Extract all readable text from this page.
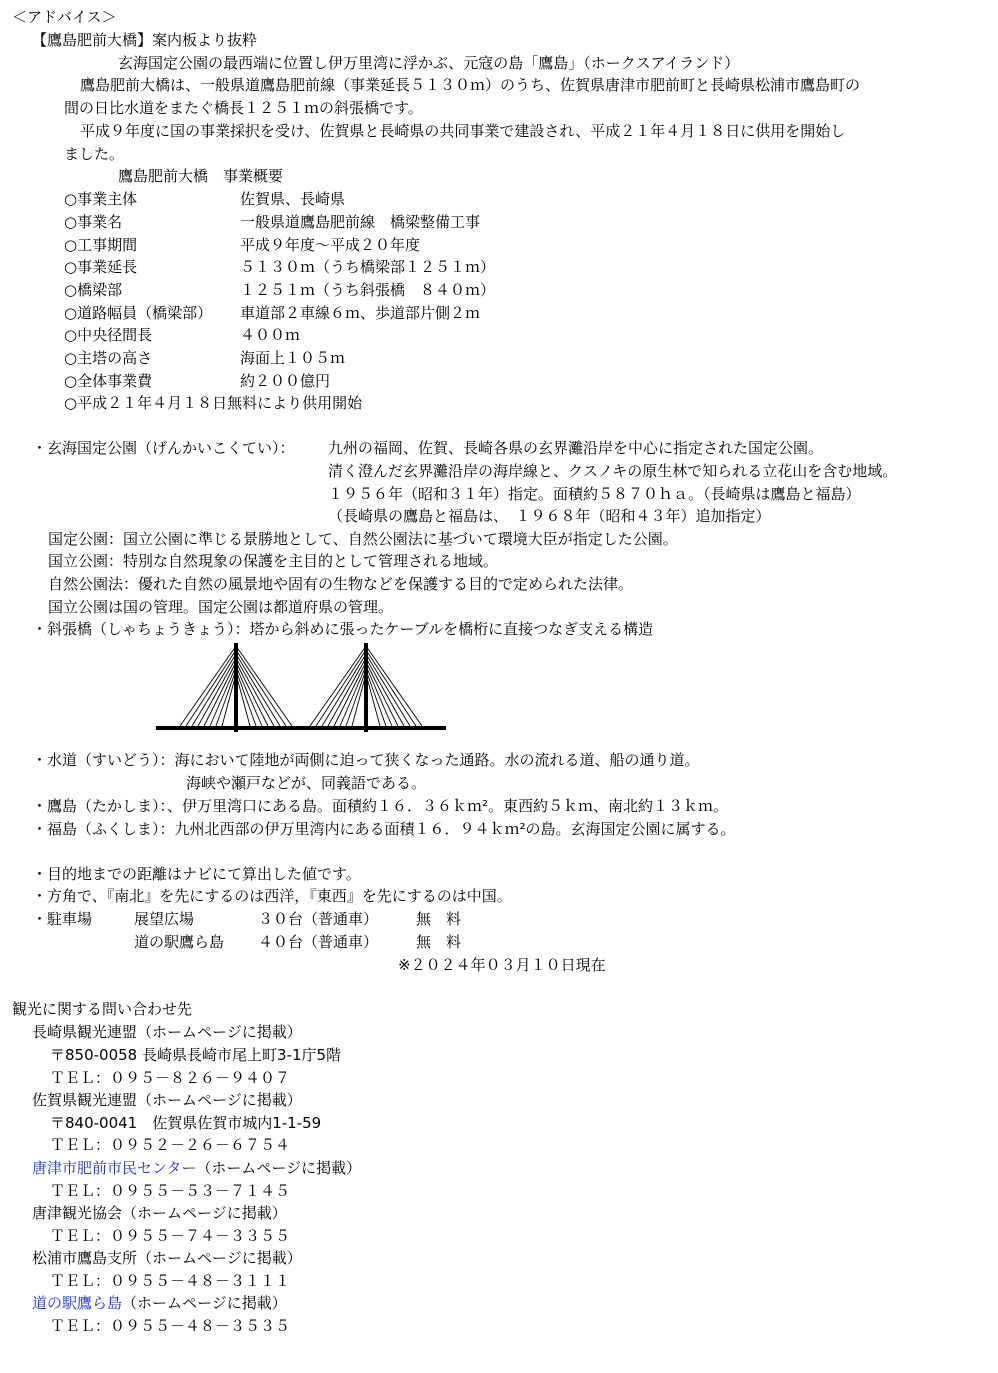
＜アドバイス＞
【鷹島肥前大橋】案内板より抜粋
玄海国定公園の最西端に位置し伊万里湾に浮かぶ、元寇の島「鷹島」（ホークスアイランド）
鷹島肥前大橋は、一般県道鷹島肥前線（事業延長５１３０ｍ）のうち、佐賀県唐津市肥前町と長崎県松浦市鷹島町の
間の日比水道をまたぐ橋長１２５１ｍの斜張橋です。
平成９年度に国の事業採択を受け、佐賀県と長崎県の共同事業で建設され、平成２１年４月１８日に供用を開始し
ました。
鷹島肥前大橋　事業概要
○事業主体	佐賀県、長崎県
○事業名	一般県道鷹島肥前線　橋梁整備工事
○工事期間	平成９年度～平成２０年度
○事業延長	５１３０ｍ（うち橋梁部１２５１ｍ）
○橋梁部	１２５１ｍ（うち斜張橋　８４０ｍ）
○道路幅員（橋梁部） 車道部２車線６ｍ、歩道部片側２ｍ
○中央径間長	４００ｍ
○主塔の高さ	海面上１０５ｍ
○全体事業費	約２００億円
○平成２１年４月１８日無料により供用開始
・玄海国定公園（げんかいこくてい）： 九州の福岡、佐賀、長崎各県の玄界灘沿岸を中心に指定された国定公園。
清く澄んだ玄界灘沿岸の海岸線と、クスノキの原生林で知られる立花山を含む地域。
１９５６年（昭和３１年）指定。面積約５８７０ｈａ。（長崎県は鷹島と福島）
（長崎県の鷹島と福島は、　１９６８年（昭和４３年）追加指定）
国定公園：国立公園に準じる景勝地として、自然公園法に基づいて環境大臣が指定した公園。
国立公園：特別な自然現象の保護を主目的として管理される地域。
自然公園法：優れた自然の風景地や固有の生物などを保護する目的で定められた法律。
国立公園は国の管理。国定公園は都道府県の管理。
・斜張橋（しゃちょうきょう）：塔から斜めに張ったケーブルを橋桁に直接つなぎ支える構造
・水道（すいどう）：海において陸地が両側に迫って狭くなった通路。水の流れる道、船の通り道。
海峡や瀬戸などが、同義語である。
・鷹島（たかしま）：、伊万里湾口にある島。面積約１６．３６ｋｍ²。東西約５ｋｍ、南北約１３ｋｍ。
・福島（ふくしま）：九州北西部の伊万里湾内にある面積１６．９４ｋｍ²の島。玄海国定公園に属する。
・目的地までの距離はナビにて算出した値です。
・方角で、『南北』を先にするのは西洋，『東西』を先にするのは中国。
・駐車場	展望広場	３０台（普通車）	無　料
道の駅鷹ら島 ４０台（普通車）	無　料
※２０２４年０３月１０日現在
観光に関する問い合わせ先
長崎県観光連盟（ホームページに掲載）
〒850-0058 長崎県長崎市尾上町3-1庁5階
ＴＥＬ：０９５－８２６－９４０７
佐賀県観光連盟（ホームページに掲載）
〒840-0041　佐賀県佐賀市城内1-1-59
ＴＥＬ：０９５２－２６－６７５４
唐津市肥前市民センター（ホームページに掲載）
ＴＥＬ：０９５５－５３－７１４５
唐津観光協会（ホームページに掲載）
ＴＥＬ：０９５５－７４－３３５５
松浦市鷹島支所（ホームページに掲載）
ＴＥＬ：０９５５－４８－３１１１
道の駅鷹ら島（ホームページに掲載）
ＴＥＬ：０９５５－４８－３５３５
